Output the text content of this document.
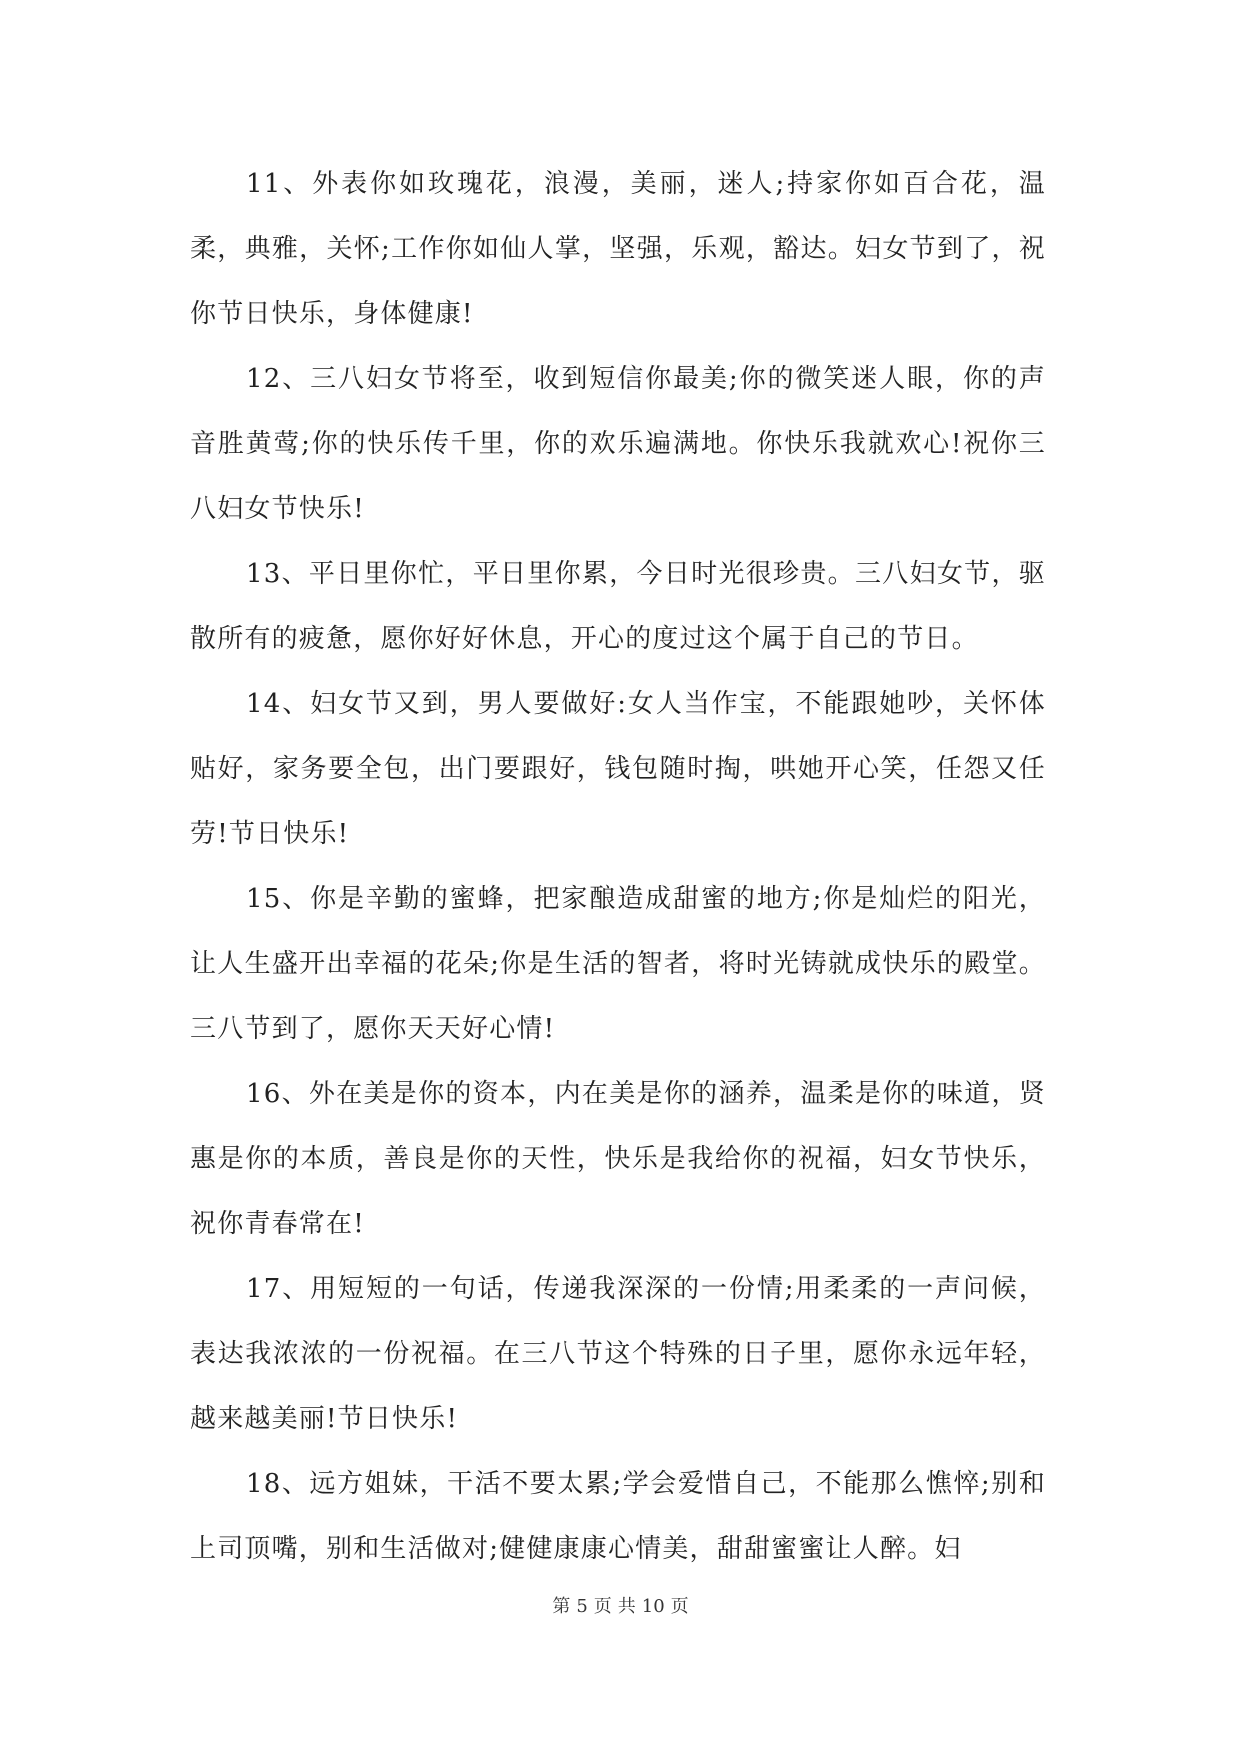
11、外表你如玫瑰花，浪漫，美丽，迷人;持家你如百合花，温柔，典雅，关怀;工作你如仙人掌，坚强，乐观，豁达。妇女节到了，祝你节日快乐，身体健康!

12、三八妇女节将至，收到短信你最美;你的微笑迷人眼，你的声音胜黄莺;你的快乐传千里，你的欢乐遍满地。你快乐我就欢心!祝你三八妇女节快乐!

13、平日里你忙，平日里你累，今日时光很珍贵。三八妇女节，驱散所有的疲惫，愿你好好休息，开心的度过这个属于自己的节日。

14、妇女节又到，男人要做好:女人当作宝，不能跟她吵，关怀体贴好，家务要全包，出门要跟好，钱包随时掏，哄她开心笑，任怨又任劳!节日快乐!

15、你是辛勤的蜜蜂，把家酿造成甜蜜的地方;你是灿烂的阳光，让人生盛开出幸福的花朵;你是生活的智者，将时光铸就成快乐的殿堂。三八节到了，愿你天天好心情!

16、外在美是你的资本，内在美是你的涵养，温柔是你的味道，贤惠是你的本质，善良是你的天性，快乐是我给你的祝福，妇女节快乐，祝你青春常在!

17、用短短的一句话，传递我深深的一份情;用柔柔的一声问候，表达我浓浓的一份祝福。在三八节这个特殊的日子里，愿你永远年轻，越来越美丽!节日快乐!

18、远方姐妹，干活不要太累;学会爱惜自己，不能那么憔悴;别和上司顶嘴，别和生活做对;健健康康心情美，甜甜蜜蜜让人醉。妇

第 5 页 共 10 页
